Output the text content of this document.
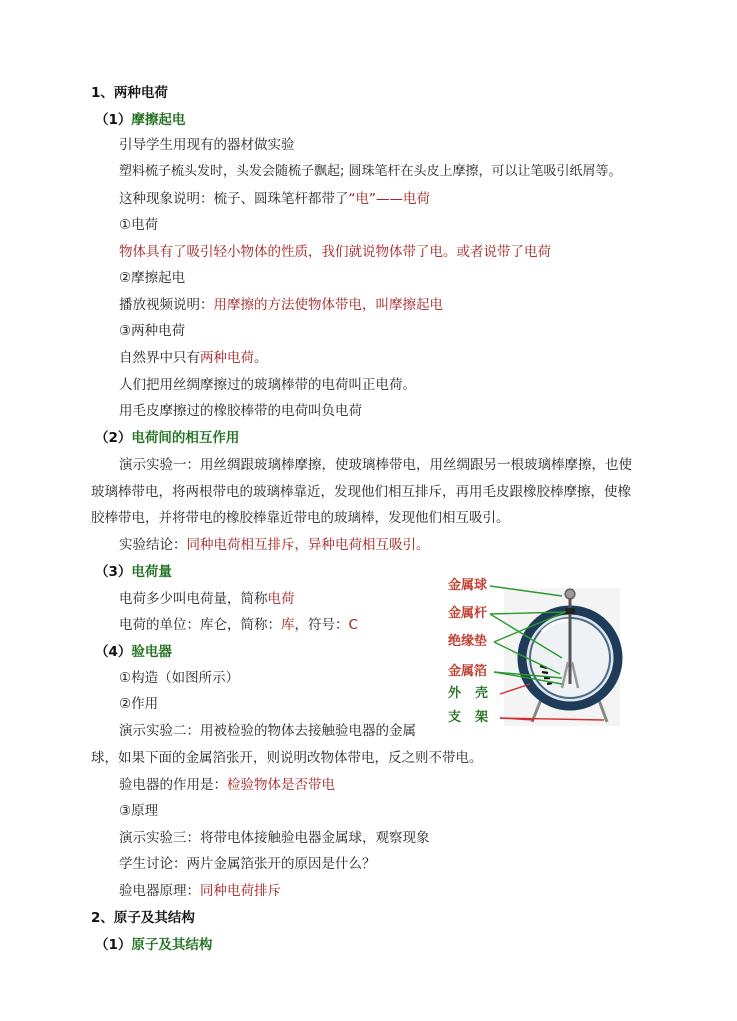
1、两种电荷
（1）摩擦起电
引导学生用现有的器材做实验
塑料梳子梳头发时，头发会随梳子飘起; 圆珠笔杆在头皮上摩擦，可以让笔吸引纸屑等。
这种现象说明：梳子、圆珠笔杆都带了“电”——电荷
①电荷
物体具有了吸引轻小物体的性质，我们就说物体带了电。或者说带了电荷
②摩擦起电
播放视频说明：用摩擦的方法使物体带电，叫摩擦起电
③两种电荷
自然界中只有两种电荷。
人们把用丝绸摩擦过的玻璃棒带的电荷叫正电荷。
用毛皮摩擦过的橡胶棒带的电荷叫负电荷
（2）电荷间的相互作用
演示实验一：用丝绸跟玻璃棒摩擦，使玻璃棒带电，用丝绸跟另一根玻璃棒摩擦，也使
玻璃棒带电，将两根带电的玻璃棒靠近，发现他们相互排斥，再用毛皮跟橡胶棒摩擦，使橡
胶棒带电，并将带电的橡胶棒靠近带电的玻璃棒，发现他们相互吸引。
实验结论：同种电荷相互排斥，异种电荷相互吸引。
（3）电荷量
电荷多少叫电荷量，简称电荷
电荷的单位：库仑，简称：库，符号：C
（4）验电器
①构造（如图所示）
②作用
演示实验二：用被检验的物体去接触验电器的金属
球，如果下面的金属箔张开，则说明改物体带电，反之则不带电。
验电器的作用是：检验物体是否带电
③原理
演示实验三：将带电体接触验电器金属球，观察现象
学生讨论：两片金属箔张开的原因是什么？
验电器原理：同种电荷排斥
2、原子及其结构
（1）原子及其结构
金属球
金属杆
绝缘垫
金属箔
外壳
支架
